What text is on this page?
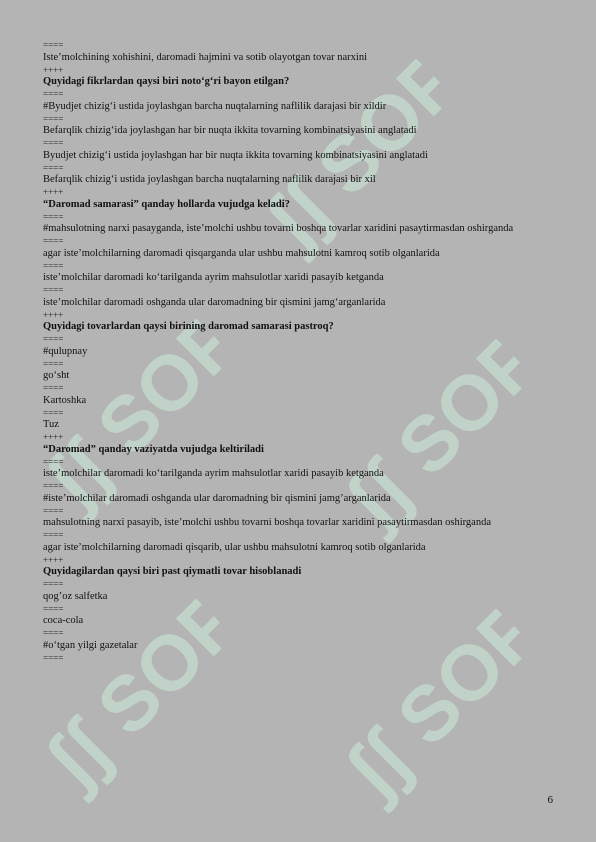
ʃʃ SOFF
ʃʃ SOFF
ʃʃ SOFF
ʃʃ SOFF
ʃʃ SOFF
====
Iste’molchining xohishini, daromadi hajmini va sotib olayotgan tovar narxini
++++
Quyidagi fikrlardan qaysi biri noto‘g‘ri bayon etilgan?
====
#Byudjet chizig‘i ustida joylashgan barcha nuqtalarning naflilik darajasi bir xildir
====
Befarqlik chizig‘ida joylashgan har bir nuqta ikkita tovarning kombinatsiyasini anglatadi
====
Byudjet chizig‘i ustida joylashgan har bir nuqta ikkita tovarning kombinatsiyasini anglatadi
====
Befarqlik chizig‘i ustida joylashgan barcha nuqtalarning naflilik darajasi bir xil
++++
“Daromad samarasi” qanday hollarda vujudga keladi?
====
#mahsulotning narxi pasayganda, iste’molchi ushbu tovarni boshqa tovarlar xaridini pasaytirmasdan oshirganda
====
agar iste’molchilarning daromadi qisqarganda ular ushbu mahsulotni kamroq sotib olganlarida
====
iste’molchilar daromadi ko‘tarilganda ayrim mahsulotlar xaridi pasayib ketganda
====
iste’molchilar daromadi oshganda ular daromadning bir qismini jamg‘arganlarida
++++
Quyidagi tovarlardan qaysi birining daromad samarasi pastroq?
====
#qulupnay
====
go‘sht
====
Kartoshka
====
Tuz
++++
“Daromad” qanday vaziyatda vujudga keltiriladi
====
iste’molchilar daromadi ko‘tarilganda ayrim mahsulotlar xaridi pasayib ketganda
====
#iste’molchilar daromadi oshganda ular daromadning bir qismini jamg’arganlarida
====
mahsulotning narxi pasayib, iste’molchi ushbu tovarni boshqa tovarlar xaridini pasaytirmasdan oshirganda
====
agar iste’molchilarning daromadi qisqarib, ular ushbu mahsulotni kamroq sotib olganlarida
++++
Quyidagilardan qaysi biri past qiymatli tovar hisoblanadi
====
qog’oz salfetka
====
coca-cola
====
#o‘tgan yilgi gazetalar
====
6
